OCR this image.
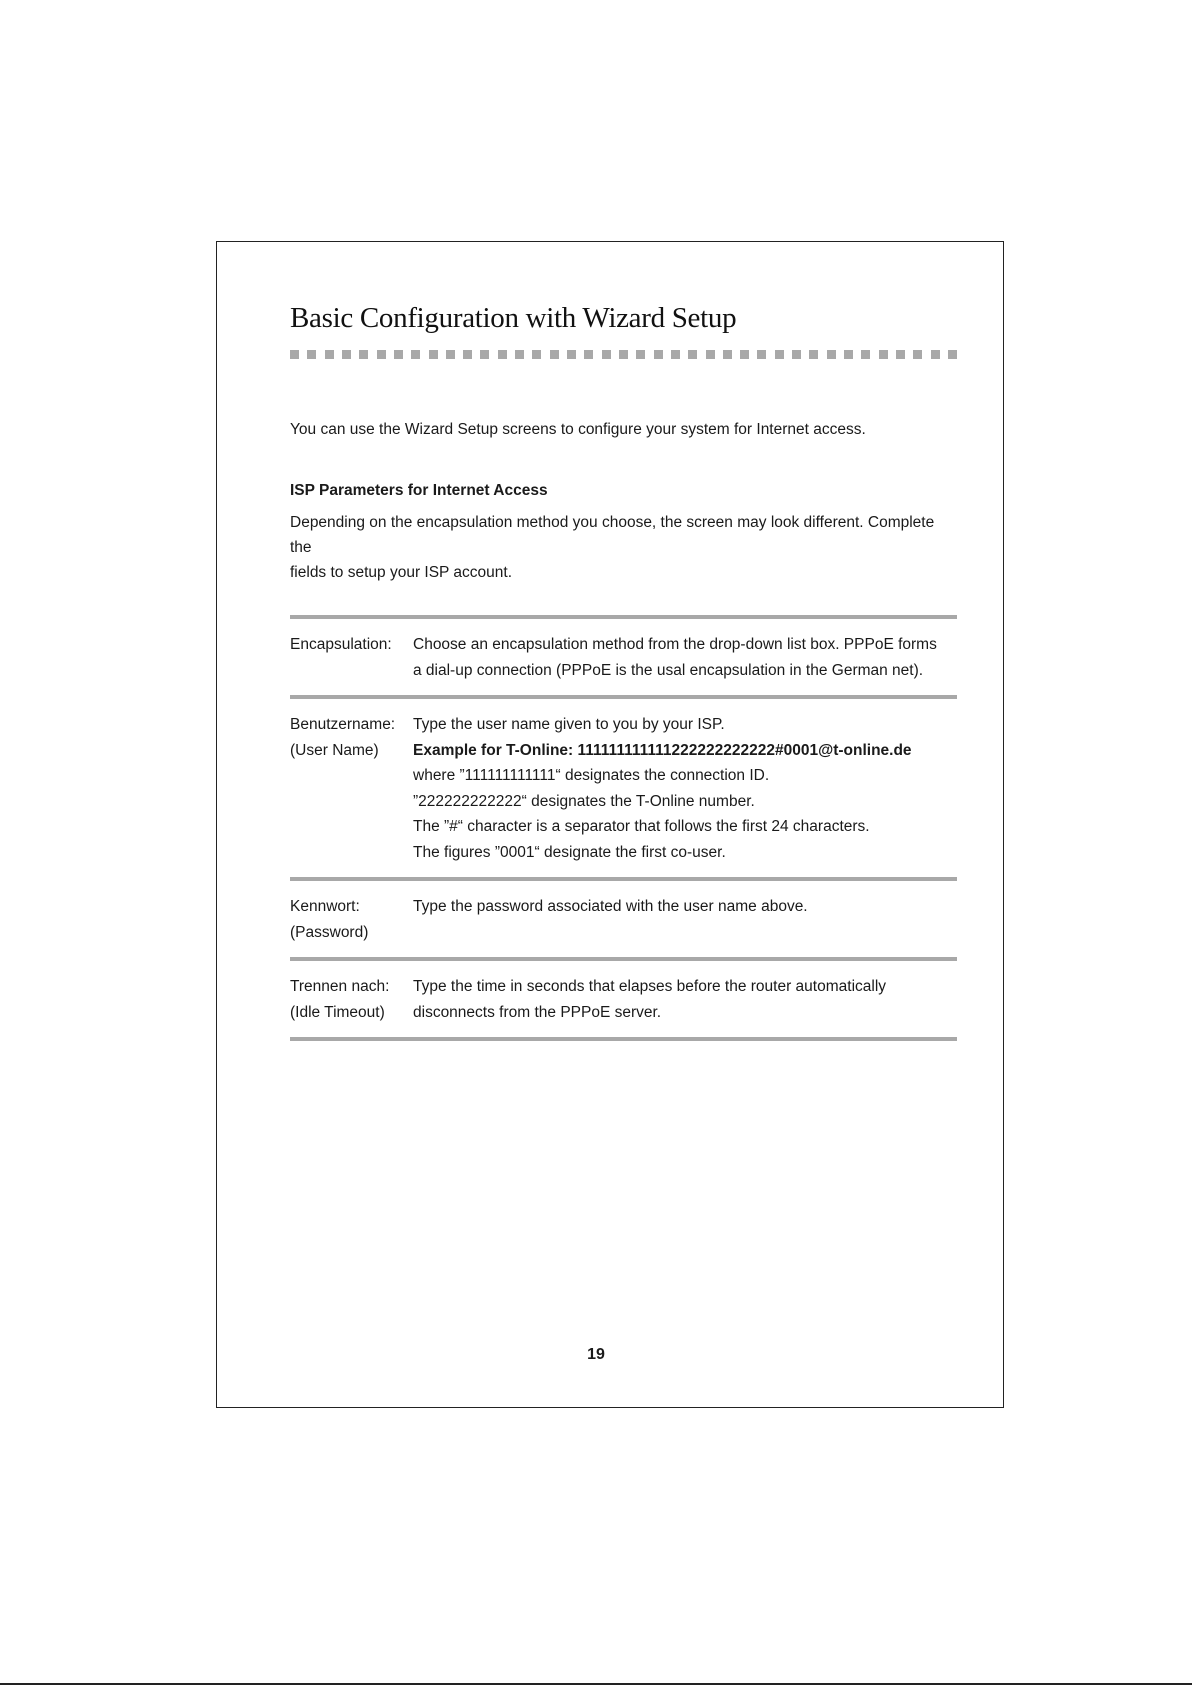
Basic Configuration with Wizard Setup
You can use the Wizard Setup screens to configure your system for Internet access.
ISP Parameters for Internet Access
Depending on the encapsulation method you choose, the screen may look different. Complete the
fields to setup your ISP account.
Encapsulation:	Choose an encapsulation method from the drop-down list box. PPPoE forms
a dial-up connection (PPPoE is the usal encapsulation in the German net).
Benutzername:
(User Name)
Type the user name given to you by your ISP.
Example for T-Online: 111111111111222222222222#0001@t-online.de
where ”111111111111“ designates the connection ID.
”222222222222“ designates the T-Online number.
The ”#“ character is a separator that follows the first 24 characters.
The figures ”0001“ designate the first co-user.
Kennwort:
(Password)
Type the password associated with the user name above.
Trennen nach:
(Idle Timeout)
Type the time in seconds that elapses before the router automatically
disconnects from the PPPoE server.
19
